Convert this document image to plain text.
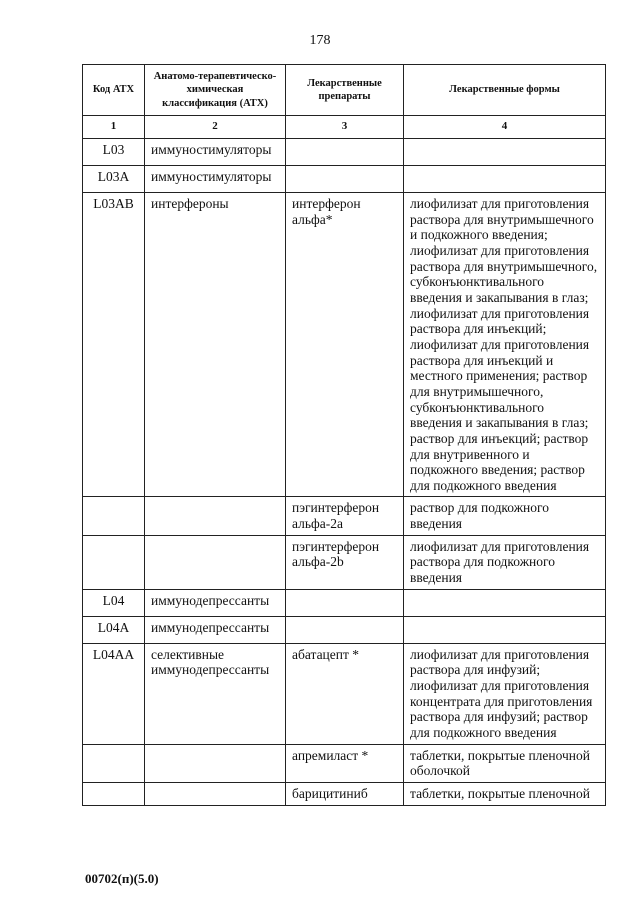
178
Код АТХ	Анатомо-терапевтическо-химическая классификация (АТХ)	Лекарственные препараты	Лекарственные формы
1	2	3	4
L03	иммуностимуляторы		
L03A	иммуностимуляторы		
L03AB	интерфероны	интерферон альфа*	лиофилизат для приготовления раствора для внутримышечного и подкожного введения; лиофилизат для приготовления раствора для внутримышечного, субконъюнктивального введения и закапывания в глаз; лиофилизат для приготовления раствора для инъекций; лиофилизат для приготовления раствора для инъекций и местного применения; раствор для внутримышечного, субконъюнктивального введения и закапывания в глаз; раствор для инъекций; раствор для внутривенного и подкожного введения; раствор для подкожного введения
		пэгинтерферон альфа-2а	раствор для подкожного введения
		пэгинтерферон альфа-2b	лиофилизат для приготовления раствора для подкожного введения
L04	иммунодепрессанты		
L04A	иммунодепрессанты		
L04AA	селективные иммунодепрессанты	абатацепт *	лиофилизат для приготовления раствора для инфузий; лиофилизат для приготовления концентрата для приготовления раствора для инфузий; раствор для подкожного введения
		апремиласт *	таблетки, покрытые пленочной оболочкой
		барицитиниб	таблетки, покрытые пленочной
00702(п)(5.0)
